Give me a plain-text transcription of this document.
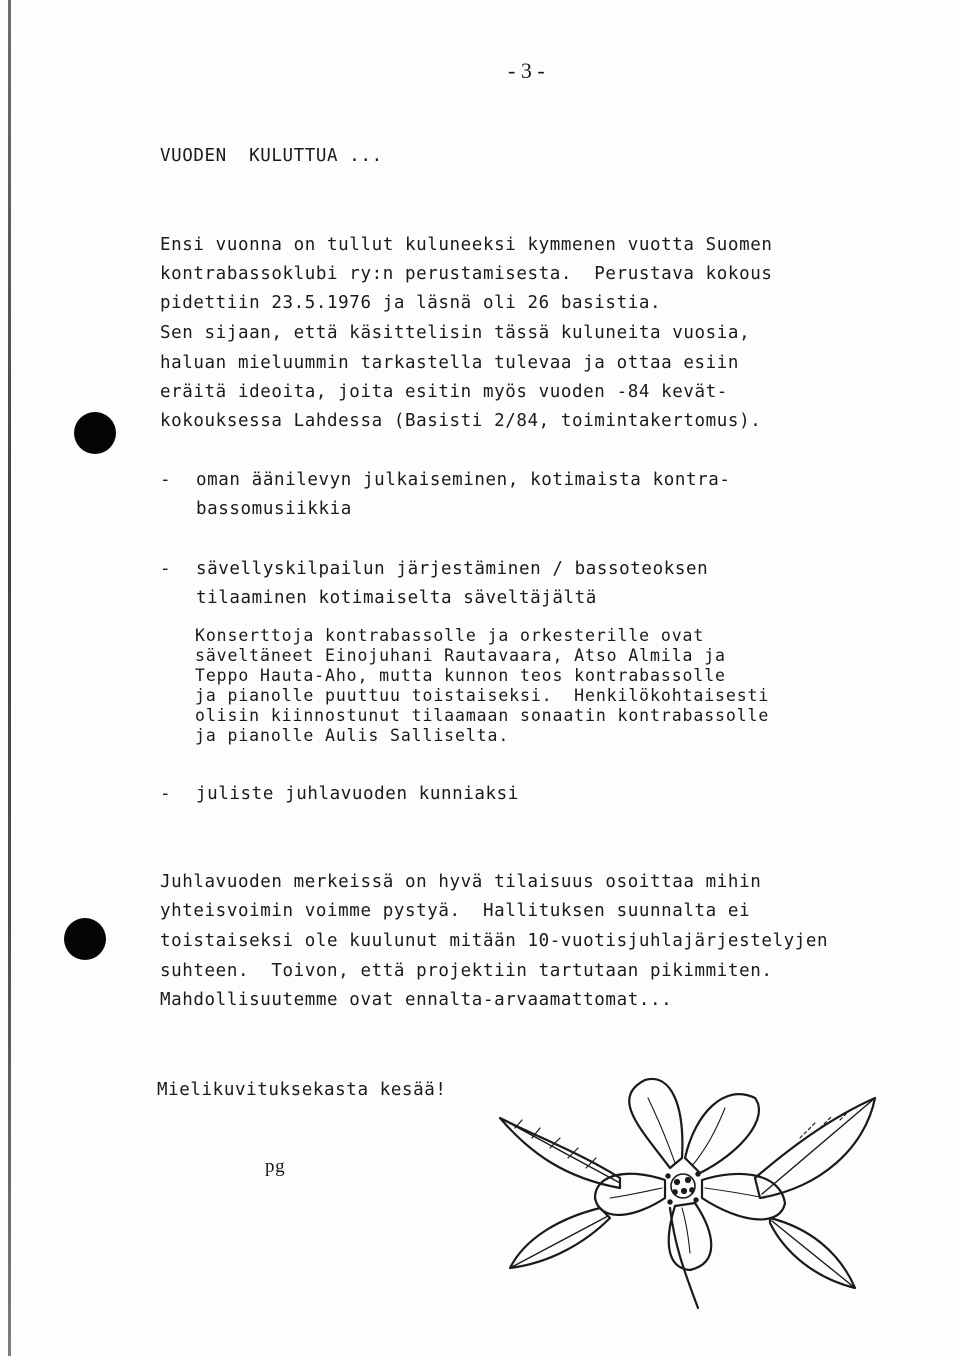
- 3 -
VUODEN  KULUTTUA ...
Ensi vuonna on tullut kuluneeksi kymmenen vuotta Suomen
kontrabassoklubi ry:n perustamisesta.  Perustava kokous
pidettiin 23.5.1976 ja läsnä oli 26 basistia.
Sen sijaan, että käsittelisin tässä kuluneita vuosia,
haluan mieluummin tarkastella tulevaa ja ottaa esiin
eräitä ideoita, joita esitin myös vuoden -84 kevät-
kokouksessa Lahdessa (Basisti 2/84, toimintakertomus).
- oman äänilevyn julkaiseminen, kotimaista kontra-
bassomusiikkia
- sävellyskilpailun järjestäminen / bassoteoksen
tilaaminen kotimaiselta säveltäjältä
Konserttoja kontrabassolle ja orkesterille ovat
säveltäneet Einojuhani Rautavaara, Atso Almila ja
Teppo Hauta-Aho, mutta kunnon teos kontrabassolle
ja pianolle puuttuu toistaiseksi.  Henkilökohtaisesti
olisin kiinnostunut tilaamaan sonaatin kontrabassolle
ja pianolle Aulis Salliselta.
- juliste juhlavuoden kunniaksi
Juhlavuoden merkeissä on hyvä tilaisuus osoittaa mihin
yhteisvoimin voimme pystyä.  Hallituksen suunnalta ei
toistaiseksi ole kuulunut mitään 10-vuotisjuhlajärjestelyjen
suhteen.  Toivon, että projektiin tartutaan pikimmiten.
Mahdollisuutemme ovat ennalta-arvaamattomat...
Mielikuvituksekasta kesää!
pg
